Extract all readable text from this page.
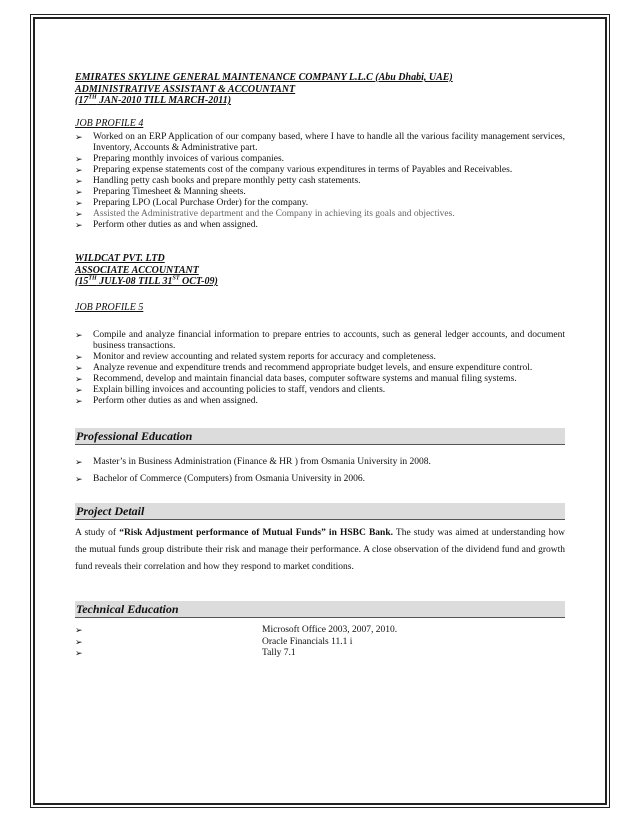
EMIRATES SKYLINE GENERAL MAINTENANCE COMPANY L.L.C (Abu Dhabi, UAE)

ADMINISTRATIVE ASSISTANT & ACCOUNTANT

(17TH JAN-2010 TILL MARCH-2011)

JOB PROFILE 4

➢ Worked on an ERP Application of our company based, where I have to handle all the various facility management services, Inventory, Accounts & Administrative part.
➢ Preparing monthly invoices of various companies.
➢ Preparing expense statements cost of the company various expenditures in terms of Payables and Receivables.
➢ Handling petty cash books and prepare monthly petty cash statements.
➢ Preparing Timesheet & Manning sheets.
➢ Preparing LPO (Local Purchase Order) for the company.
➢ Assisted the Administrative department and the Company in achieving its goals and objectives.
➢ Perform other duties as and when assigned.

WILDCAT PVT. LTD

ASSOCIATE ACCOUNTANT

(15TH JULY-08 TILL 31ST OCT-09)

JOB PROFILE 5

➢ Compile and analyze financial information to prepare entries to accounts, such as general ledger accounts, and document business transactions.
➢ Monitor and review accounting and related system reports for accuracy and completeness.
➢ Analyze revenue and expenditure trends and recommend appropriate budget levels, and ensure expenditure control.
➢ Recommend, develop and maintain financial data bases, computer software systems and manual filing systems.
➢ Explain billing invoices and accounting policies to staff, vendors and clients.
➢ Perform other duties as and when assigned.
Professional Education
➢ Master’s in Business Administration (Finance & HR ) from Osmania University in 2008.
➢ Bachelor of Commerce (Computers) from Osmania University in 2006.
Project Detail

A study of “Risk Adjustment performance of Mutual Funds” in HSBC Bank. The study was aimed at understanding how the mutual funds group distribute their risk and manage their performance. A close observation of the dividend fund and growth fund reveals their correlation and how they respond to market conditions.

Technical Education
➢	Microsoft Office 2003, 2007, 2010.
➢	Oracle Financials 11.1 i
➢	Tally 7.1
